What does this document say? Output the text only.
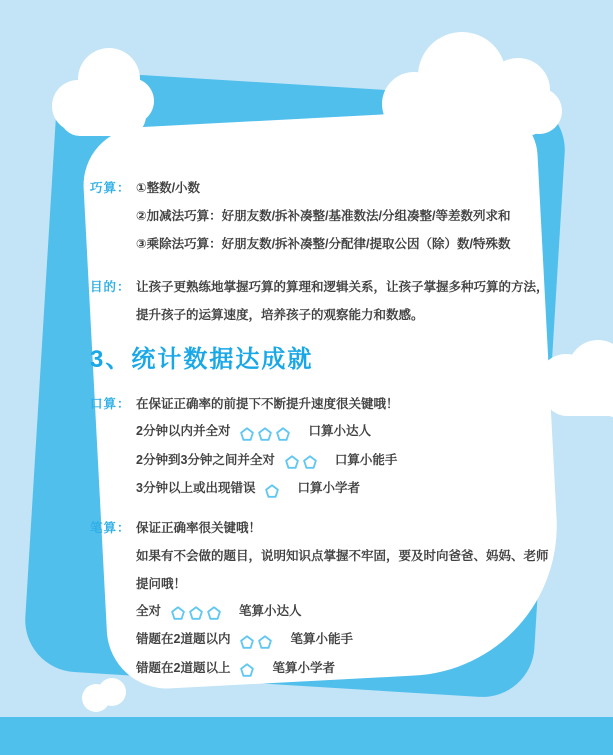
巧算： ①整数/小数
②加减法巧算：好朋友数/拆补凑整/基准数法/分组凑整/等差数列求和
③乘除法巧算：好朋友数/拆补凑整/分配律/提取公因（除）数/特殊数
目的： 让孩子更熟练地掌握巧算的算理和逻辑关系，让孩子掌握多种巧算的方法，提升孩子的运算速度，培养孩子的观察能力和数感。
3、统计数据达成就
口算： 在保证正确率的前提下不断提升速度很关键哦！
2分钟以内并全对	口算小达人
2分钟到3分钟之间并全对	口算小能手
3分钟以上或出现错误	口算小学者
笔算： 保证正确率很关键哦！
如果有不会做的题目，说明知识点掌握不牢固，要及时向爸爸、妈妈、老师提问哦！
全对	笔算小达人
错题在2道题以内	笔算小能手
错题在2道题以上	笔算小学者
